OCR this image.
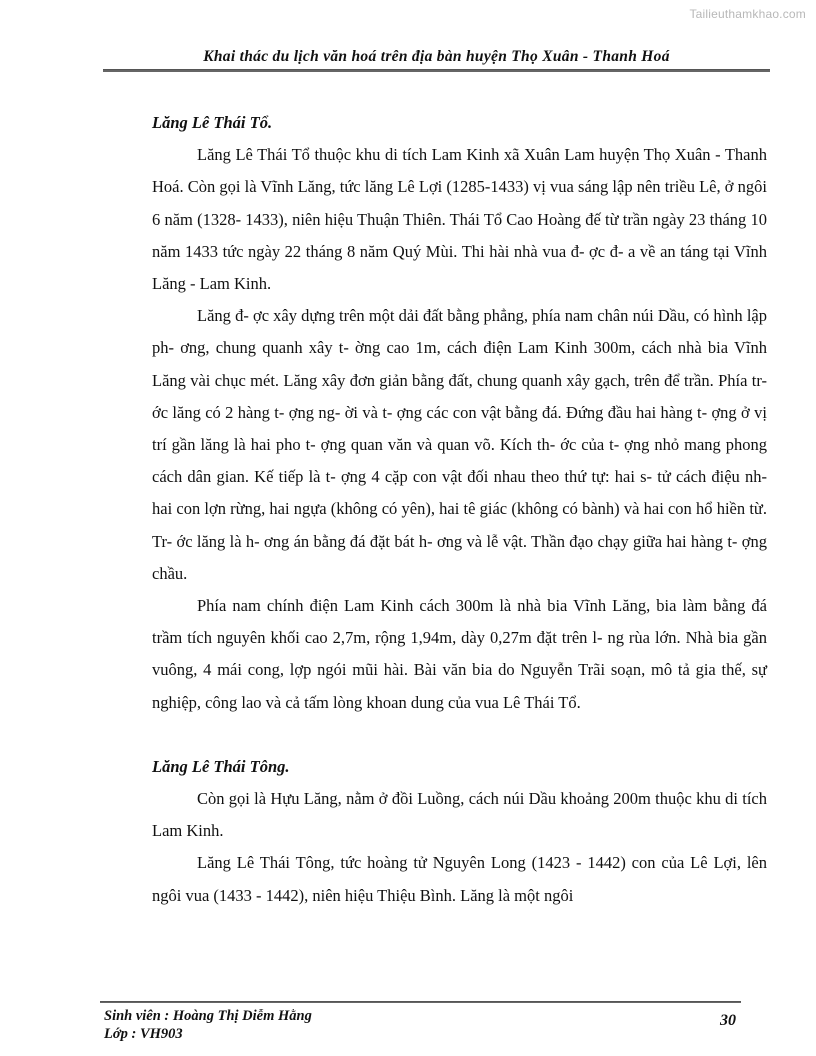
Tailieuthamkhao.com
Khai thác du lịch văn hoá trên địa bàn huyện Thọ Xuân - Thanh Hoá

Lăng Lê Thái Tổ.

Lăng Lê Thái Tổ thuộc khu di tích Lam Kinh xã Xuân Lam huyện Thọ Xuân - Thanh Hoá. Còn gọi là Vĩnh Lăng, tức lăng Lê Lợi (1285-1433) vị vua sáng lập nên triều Lê, ở ngôi 6 năm (1328- 1433), niên hiệu Thuận Thiên. Thái Tổ Cao Hoàng đế từ trần ngày 23 tháng 10 năm 1433 tức ngày 22 tháng 8 năm Quý Mùi. Thi hài nhà vua đ- ợc đ- a về an táng tại Vĩnh Lăng - Lam Kinh.

Lăng đ- ợc xây dựng trên một dải đất bằng phẳng, phía nam chân núi Dầu, có hình lập ph- ơng, chung quanh xây t- ờng cao 1m, cách điện Lam Kinh 300m, cách nhà bia Vĩnh Lăng vài chục mét. Lăng xây đơn giản bằng đất, chung quanh xây gạch, trên để trần. Phía tr- ớc lăng có 2 hàng t- ợng ng- ời và t- ợng các con vật bằng đá. Đứng đầu hai hàng t- ợng ở vị trí gần lăng là hai pho t- ợng quan văn và quan võ. Kích th- ớc của t- ợng nhỏ mang phong cách dân gian. Kế tiếp là t- ợng 4 cặp con vật đối nhau theo thứ tự: hai s- tử cách điệu nh- hai con lợn rừng, hai ngựa (không có yên), hai tê giác (không có bành) và hai con hổ hiền từ. Tr- ớc lăng là h- ơng án bằng đá đặt bát h- ơng và lễ vật. Thần đạo chạy giữa hai hàng t- ợng chầu.

Phía nam chính điện Lam Kinh cách 300m là nhà bia Vĩnh Lăng, bia làm bằng đá trầm tích nguyên khối cao 2,7m, rộng 1,94m, dày 0,27m đặt trên l- ng rùa lớn. Nhà bia gần vuông, 4 mái cong, lợp ngói mũi hài. Bài văn bia do Nguyễn Trãi soạn, mô tả gia thế, sự nghiệp, công lao và cả tấm lòng khoan dung của vua Lê Thái Tổ.

Lăng Lê Thái Tông.

Còn gọi là Hựu Lăng, nằm ở đồi Luồng, cách núi Dầu khoảng 200m thuộc khu di tích Lam Kinh.

Lăng Lê Thái Tông, tức hoàng tử Nguyên Long (1423 - 1442) con của Lê Lợi, lên ngôi vua (1433 - 1442), niên hiệu Thiệu Bình. Lăng là một ngôi

Sinh viên : Hoàng Thị Diễm Hằng
Lớp : VH903
30
